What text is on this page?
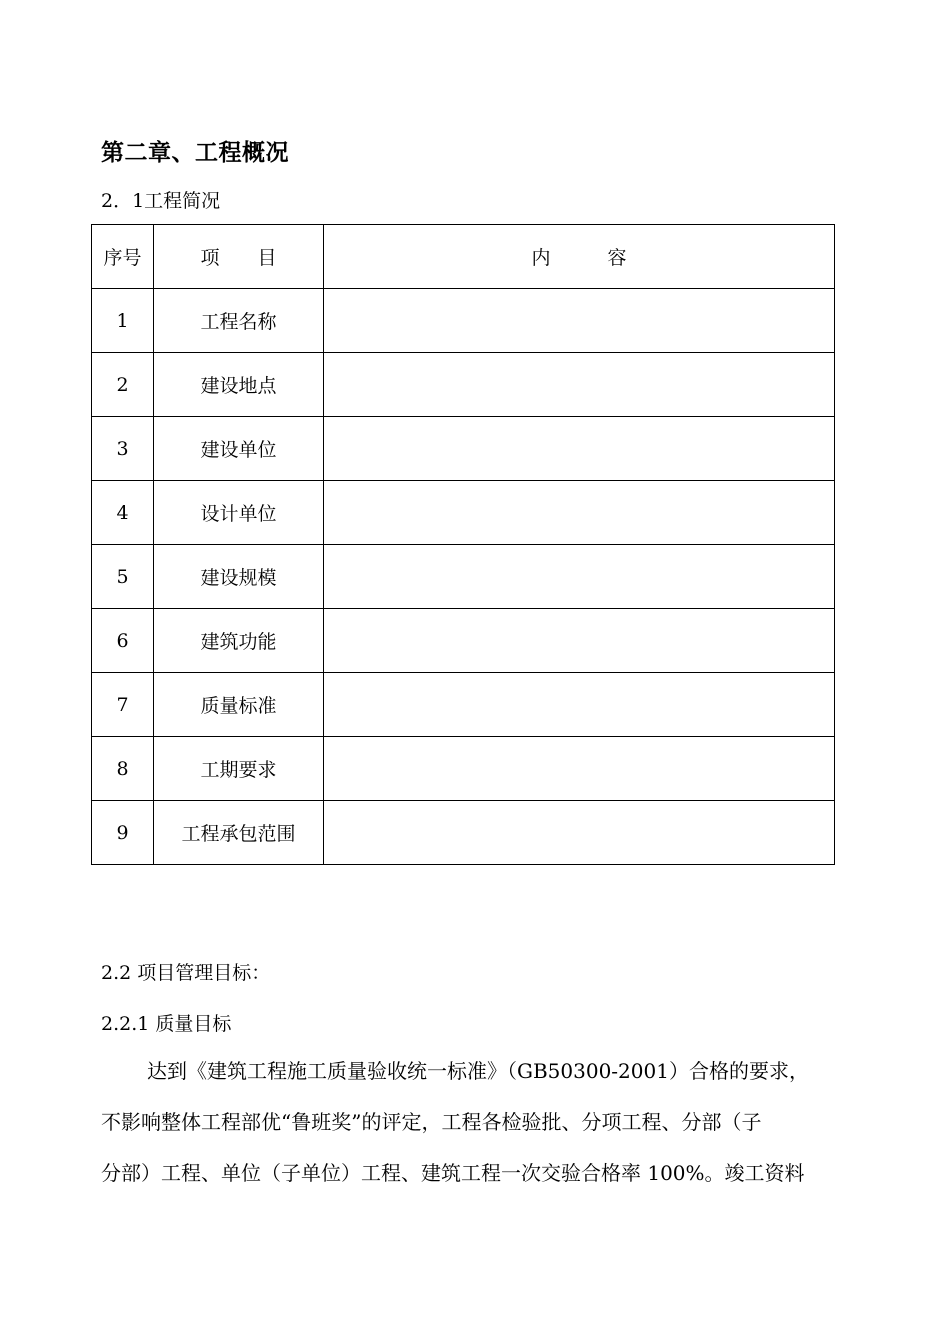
第二章、工程概况
2．1工程简况
序号	项　　目	内　　　容
1	工程名称	
2	建设地点	
3	建设单位	
4	设计单位	
5	建设规模	
6	建筑功能	
7	质量标准	
8	工期要求	
9	工程承包范围	
2.2 项目管理目标：
2.2.1 质量目标
达到《建筑工程施工质量验收统一标准》（GB50300-2001）合格的要求，
不影响整体工程部优“鲁班奖”的评定，工程各检验批、分项工程、分部（子
分部）工程、单位（子单位）工程、建筑工程一次交验合格率 100%。竣工资料
